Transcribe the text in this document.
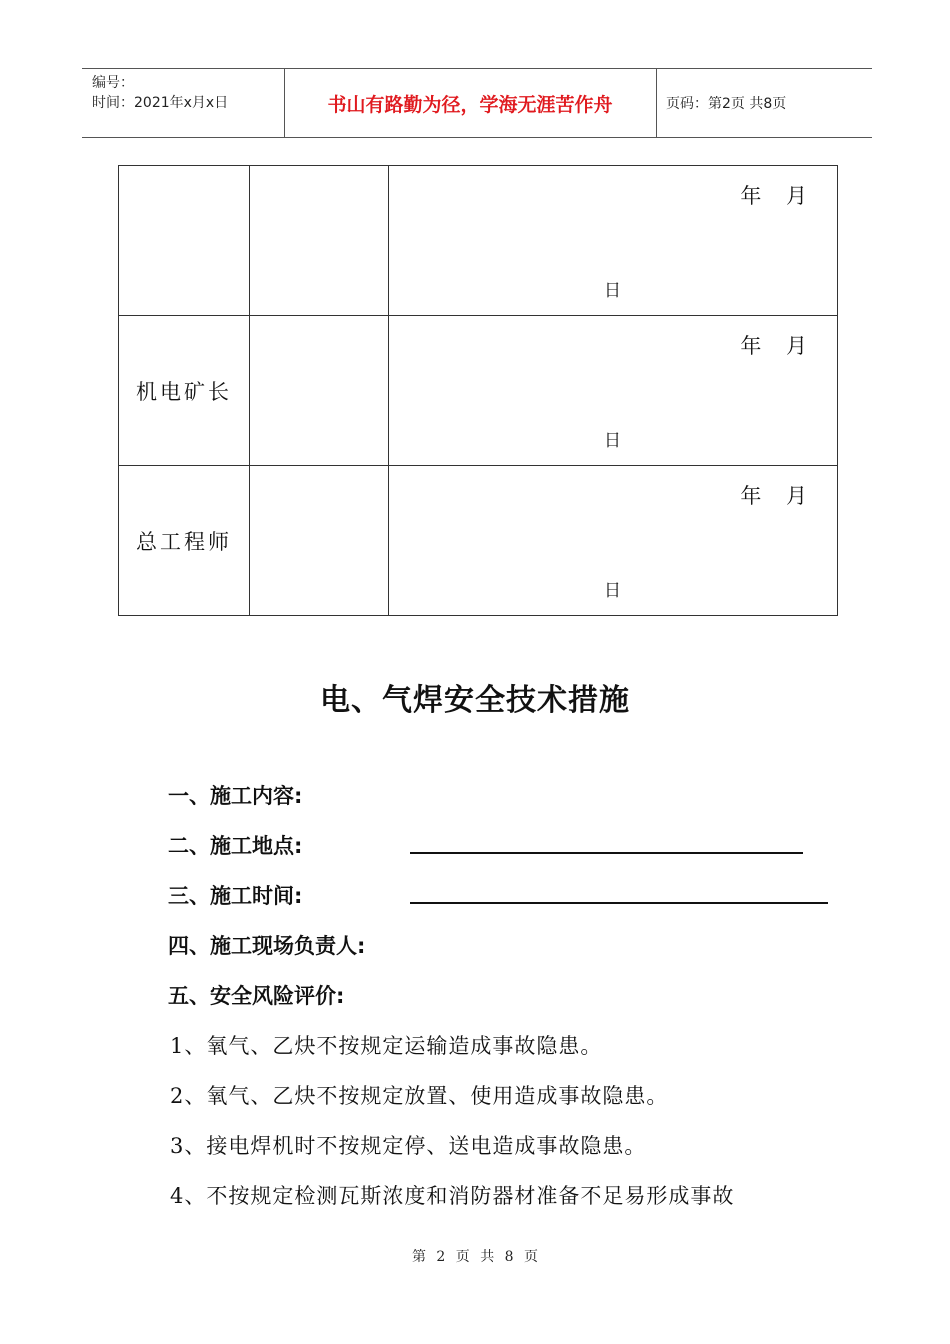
编号：
时间：2021年x月x日	书山有路勤为径，学海无涯苦作舟	页码：第2页 共8页

		年 月
日

机电矿长		年 月
日

总工程师		年 月
日
电、气焊安全技术措施
一、施工内容:
二、施工地点:
三、施工时间:
四、施工现场负责人:
五、安全风险评价:
1、氧气、乙炔不按规定运输造成事故隐患。
2、氧气、乙炔不按规定放置、使用造成事故隐患。
3、接电焊机时不按规定停、送电造成事故隐患。
4、不按规定检测瓦斯浓度和消防器材准备不足易形成事故
第 2 页 共 8 页
